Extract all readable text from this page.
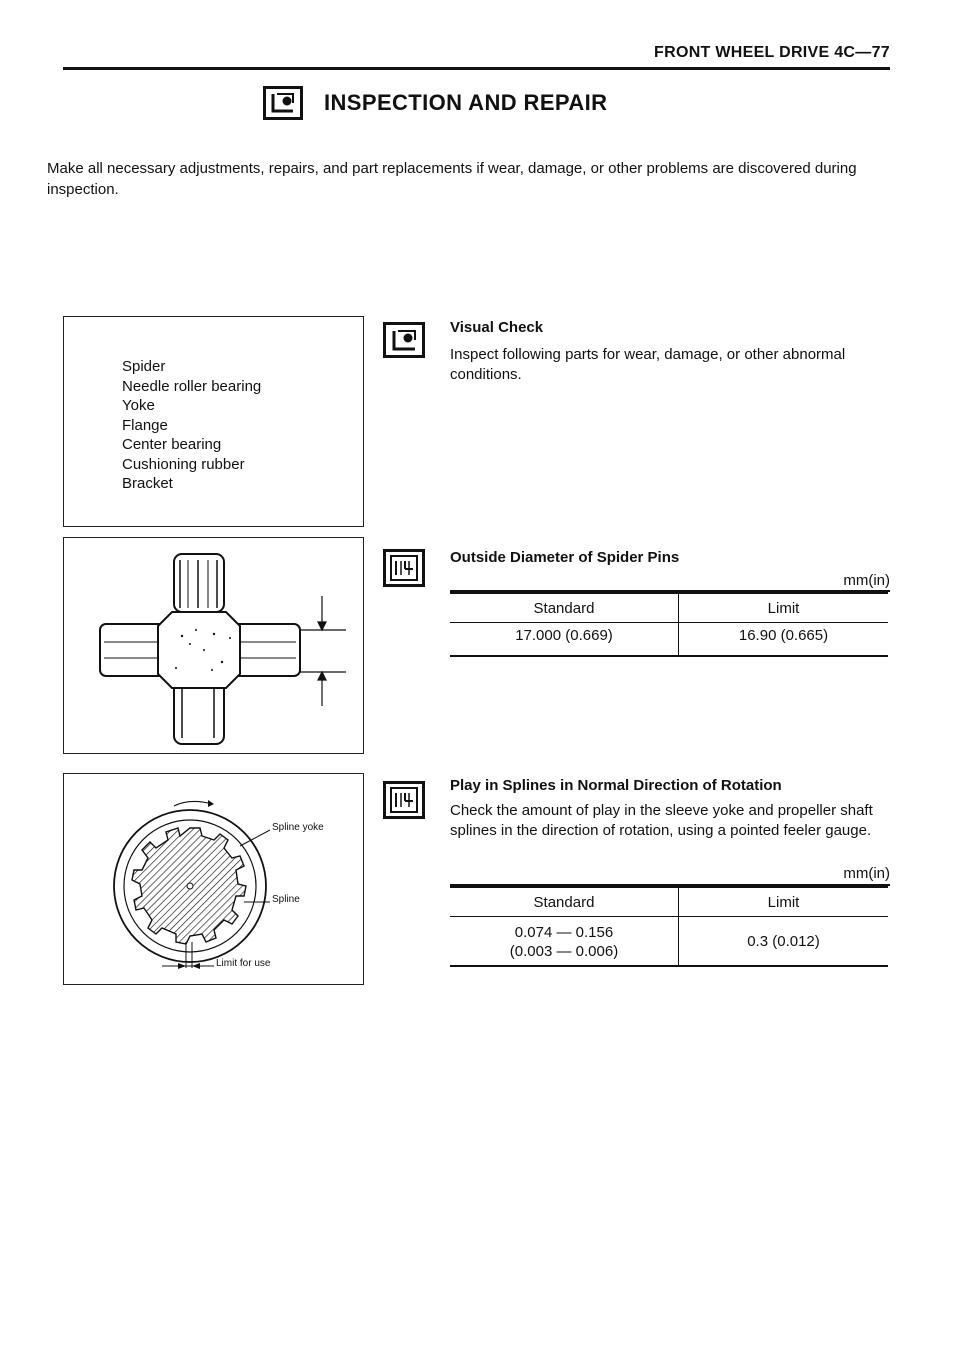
FRONT WHEEL DRIVE 4C—77
INSPECTION AND REPAIR
Make all necessary adjustments, repairs, and part replacements if wear, damage, or other problems are discovered during inspection.
Spider
Needle roller bearing
Yoke
Flange
Center bearing
Cushioning rubber
Bracket
Spline yoke
Spline
Limit for use
Visual Check
Inspect following parts for wear, damage, or other abnormal conditions.
Outside Diameter of Spider Pins
mm(in)
Standard	Limit
17.000 (0.669)	16.90 (0.665)
Play in Splines in Normal Direction of Rotation
Check the amount of play in the sleeve yoke and propeller shaft splines in the direction of rotation, using a pointed feeler gauge.
mm(in)
Standard	Limit

0.074 — 0.156
(0.003 — 0.006)	0.3 (0.012)
